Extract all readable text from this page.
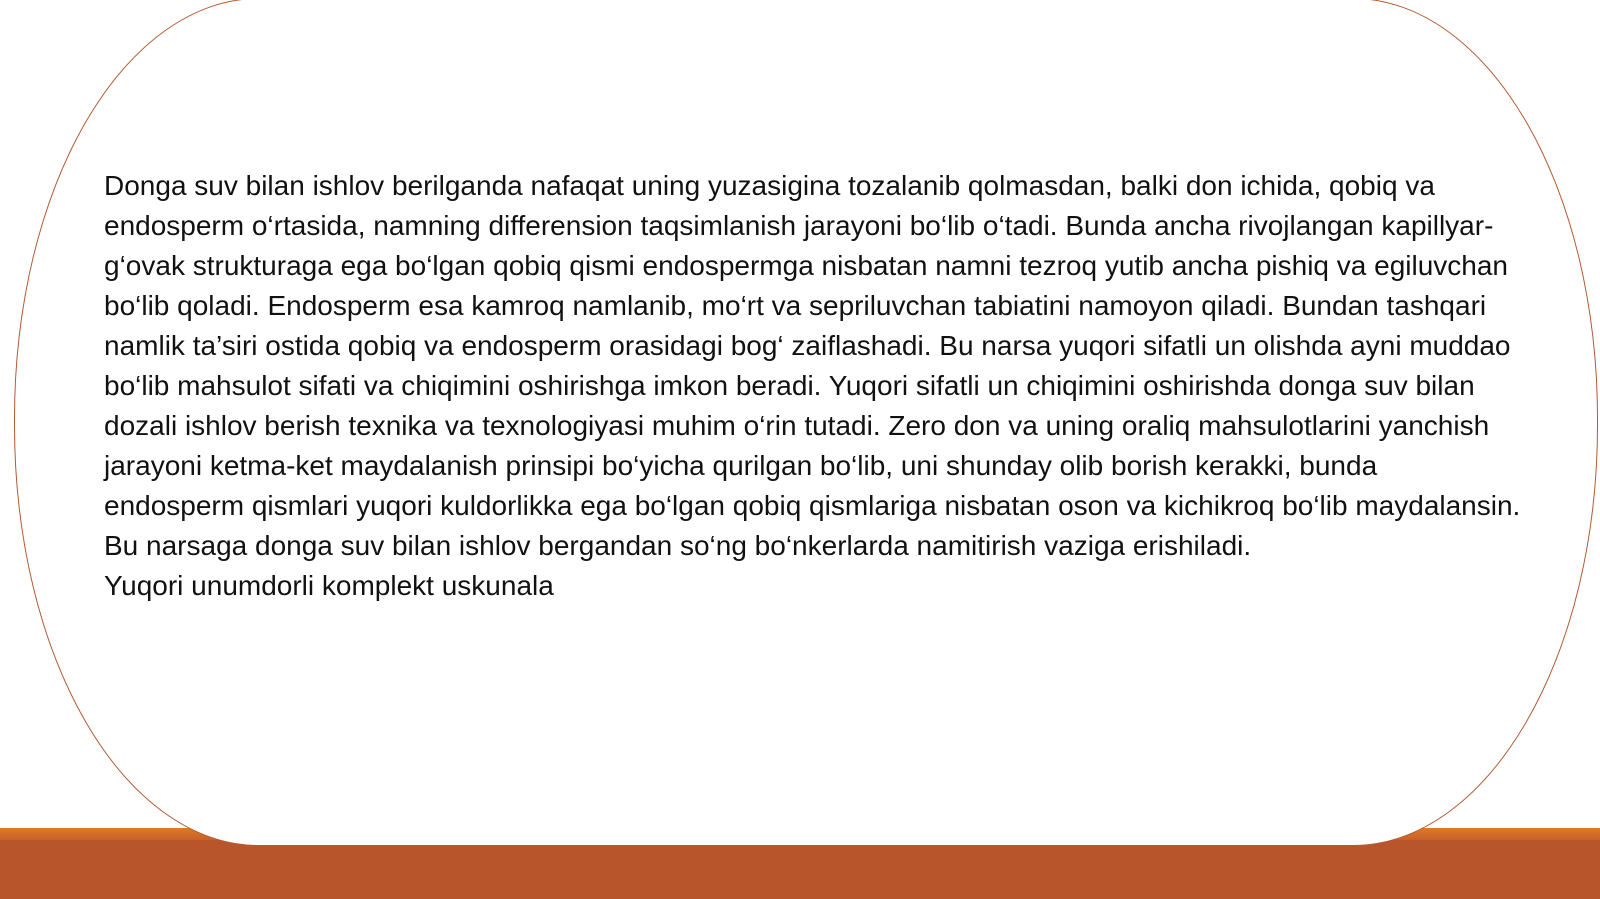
Donga suv bilan ishlov berilganda nafaqat uning yuzasigina tozalanib qolmasdan, balki don ichida, qobiq va endosperm o‘rtasida, namning differension taqsimlanish jarayoni bo‘lib o‘tadi. Bunda ancha rivojlangan kapillyar-g‘ovak strukturaga ega bo‘lgan qobiq qismi endospermga nisbatan namni tezroq yutib ancha pishiq va egiluvchan bo‘lib qoladi. Endosperm esa kamroq namlanib, mo‘rt va sepriluvchan tabiatini namoyon qiladi. Bundan tashqari namlik ta’siri ostida qobiq va endosperm orasidagi bog‘ zaiflashadi. Bu narsa yuqori sifatli un olishda ayni muddao bo‘lib mahsulot sifati va chiqimini oshirishga imkon beradi. Yuqori sifatli un chiqimini oshirishda donga suv bilan dozali ishlov berish texnika va texnologiyasi muhim o‘rin tutadi. Zero don va uning oraliq mahsulotlarini yanchish jarayoni ketma-ket maydalanish prinsipi bo‘yicha qurilgan bo‘lib, uni shunday olib borish kerakki, bunda endosperm qismlari yuqori kuldorlikka ega bo‘lgan qobiq qismlariga nisbatan oson va kichikroq bo‘lib maydalansin. Bu narsaga donga suv bilan ishlov bergandan so‘ng bo‘nkerlarda namitirish vaziga erishiladi.

Yuqori unumdorli komplekt uskunala
